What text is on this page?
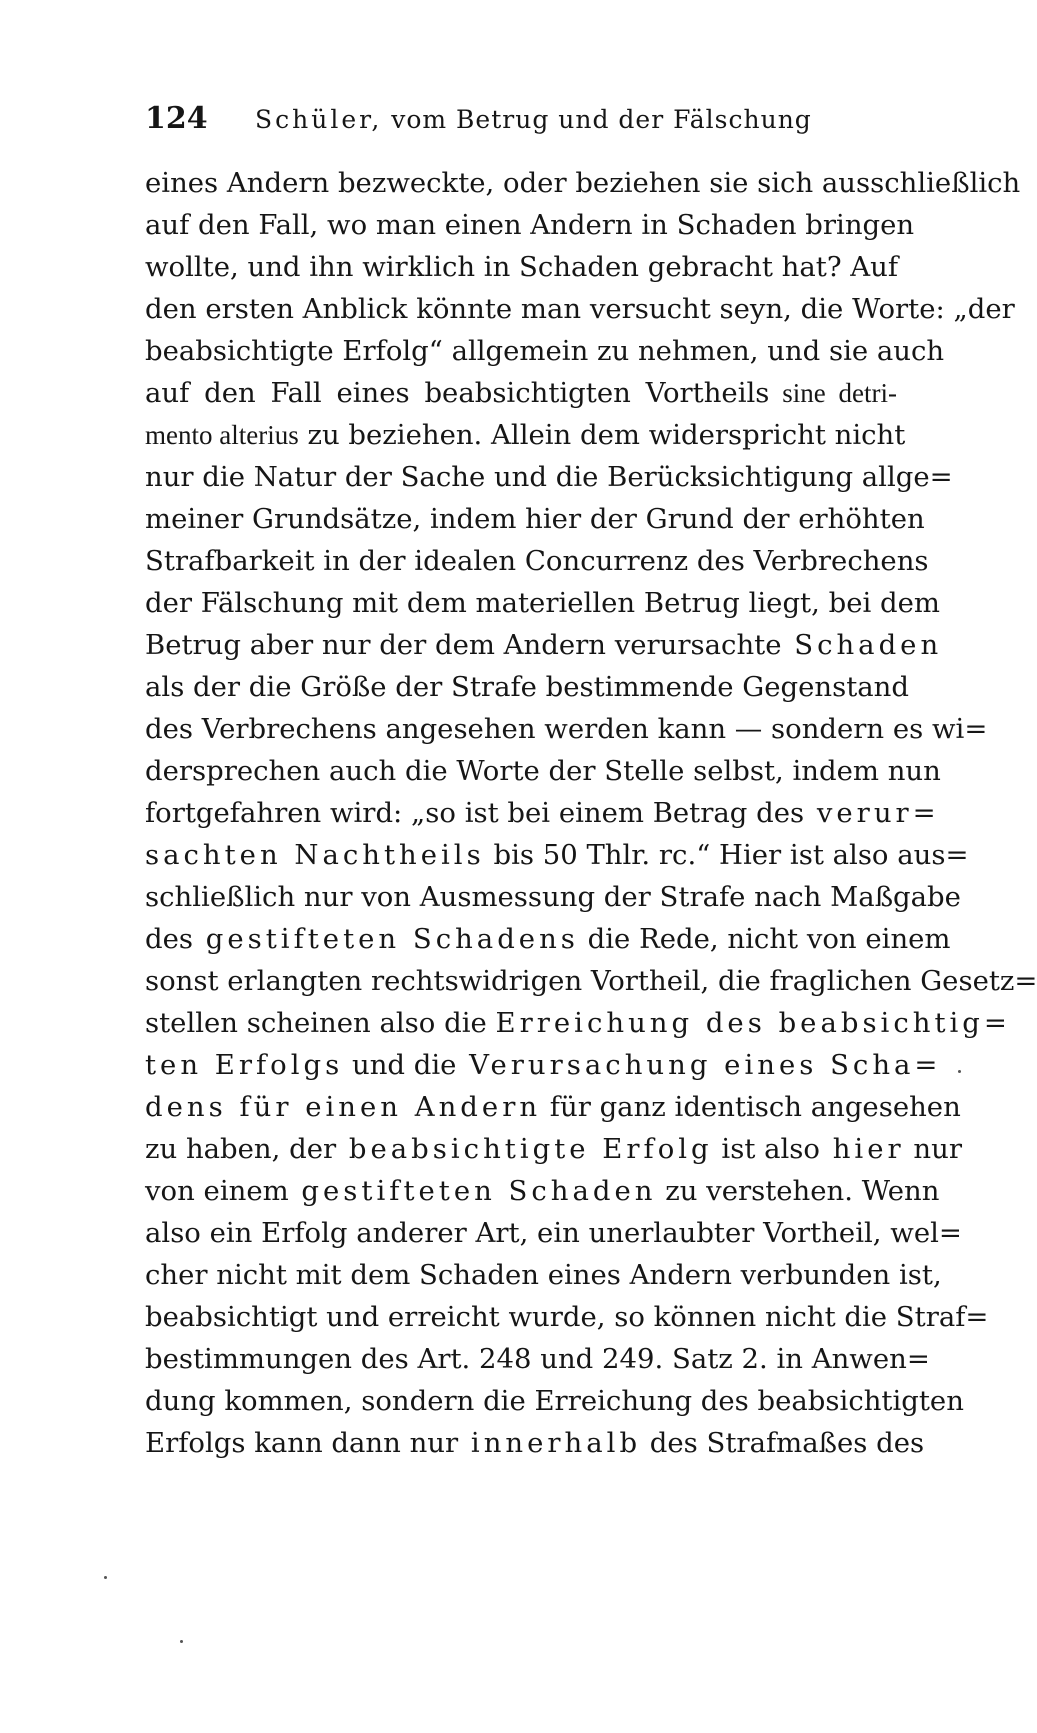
124	Schüler, vom Betrug und der Fälschung
eines Andern bezweckte, oder beziehen sie sich ausschließlich
auf den Fall, wo man einen Andern in Schaden bringen
wollte, und ihn wirklich in Schaden gebracht hat? Auf
den ersten Anblick könnte man versucht seyn, die Worte: „der
beabsichtigte Erfolg“ allgemein zu nehmen, und sie auch
auf den Fall eines beabsichtigten Vortheils sine detri-
mento alterius zu beziehen. Allein dem widerspricht nicht
nur die Natur der Sache und die Berücksichtigung allge=
meiner Grundsätze, indem hier der Grund der erhöhten
Strafbarkeit in der idealen Concurrenz des Verbrechens
der Fälschung mit dem materiellen Betrug liegt, bei dem
Betrug aber nur der dem Andern verursachte Schaden
als der die Größe der Strafe bestimmende Gegenstand
des Verbrechens angesehen werden kann — sondern es wi=
dersprechen auch die Worte der Stelle selbst, indem nun
fortgefahren wird: „so ist bei einem Betrag des verur=
sachten Nachtheils bis 50 Thlr. rc.“ Hier ist also aus=
schließlich nur von Ausmessung der Strafe nach Maßgabe
des gestifteten Schadens die Rede, nicht von einem
sonst erlangten rechtswidrigen Vortheil, die fraglichen Gesetz=
stellen scheinen also die Erreichung des beabsichtig=
ten Erfolgs und die Verursachung eines Scha=
dens für einen Andern für ganz identisch angesehen
zu haben, der beabsichtigte Erfolg ist also hier nur
von einem gestifteten Schaden zu verstehen. Wenn
also ein Erfolg anderer Art, ein unerlaubter Vortheil, wel=
cher nicht mit dem Schaden eines Andern verbunden ist,
beabsichtigt und erreicht wurde, so können nicht die Straf=
bestimmungen des Art. 248 und 249. Satz 2. in Anwen=
dung kommen, sondern die Erreichung des beabsichtigten
Erfolgs kann dann nur innerhalb des Strafmaßes des
